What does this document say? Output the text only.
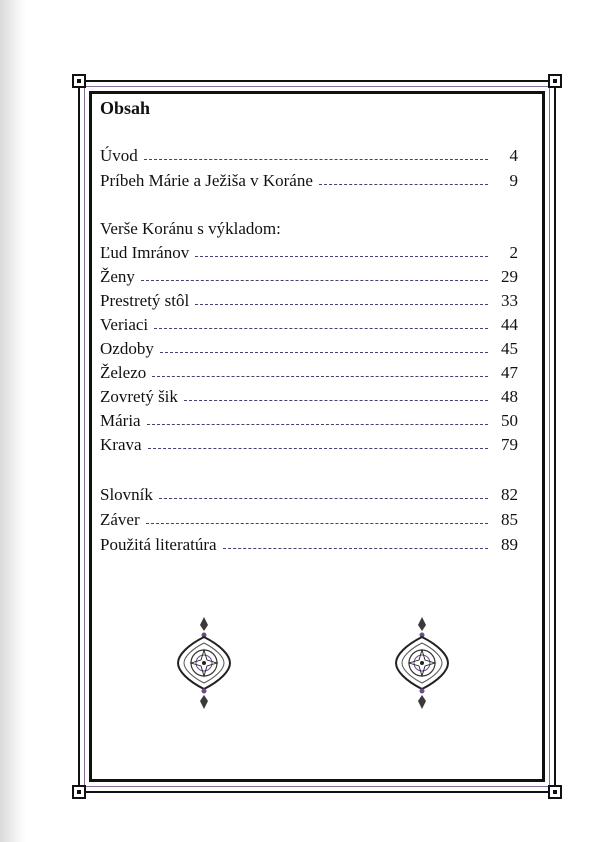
Obsah
Úvod	4
Príbeh Márie a Ježiša v Koráne	9
Verše Koránu s výkladom:
Ľud Imránov	2
Ženy	29
Prestretý stôl	33
Veriaci	44
Ozdoby	45
Železo	47
Zovretý šik	48
Mária	50
Krava	79
Slovník	82
Záver	85
Použitá literatúra	89
